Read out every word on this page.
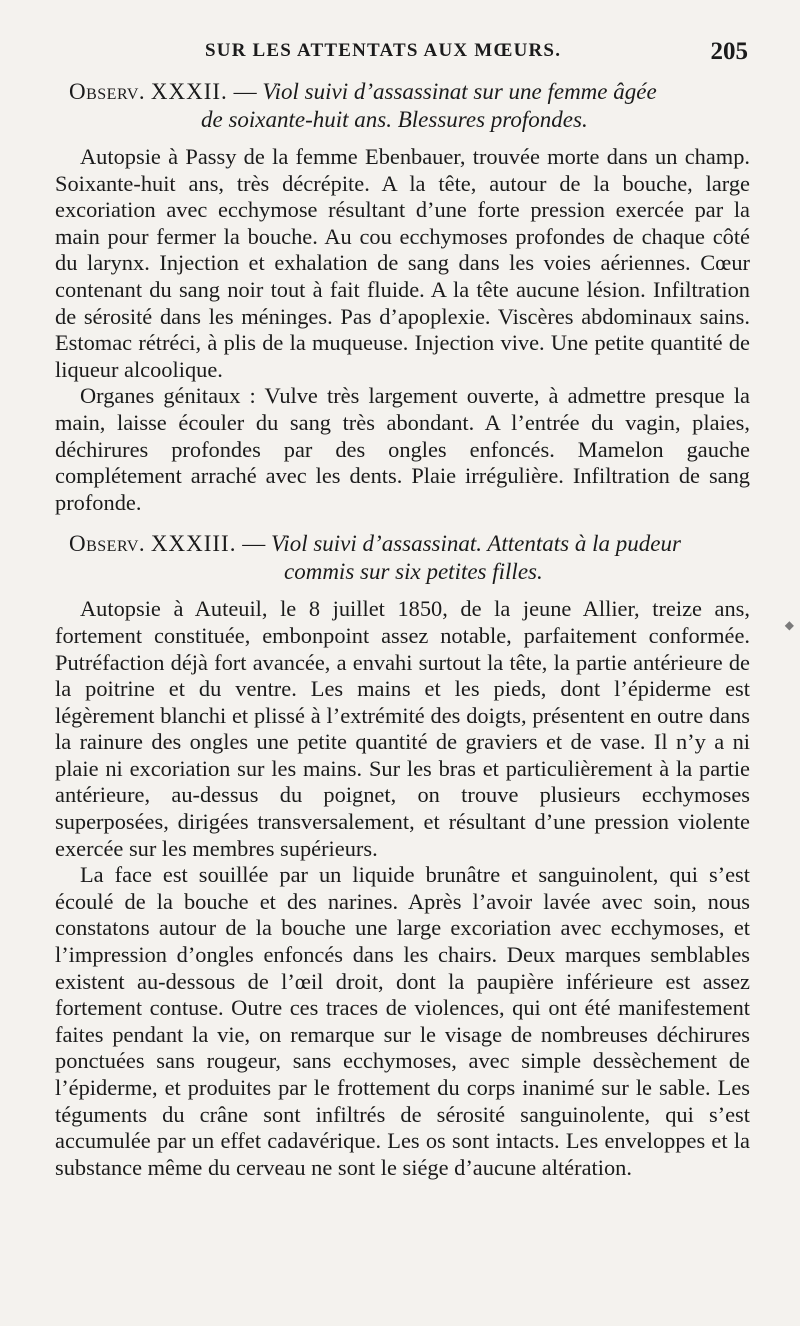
SUR LES ATTENTATS AUX MŒURS.	205

Observ. XXXII. — Viol suivi d’assassinat sur une femme âgée
de soixante-huit ans. Blessures profondes.

Autopsie à Passy de la femme Ebenbauer, trouvée morte dans un champ. Soixante-huit ans, très décrépite. A la tête, autour de la bouche, large excoriation avec ecchymose résultant d’une forte pression exercée par la main pour fermer la bouche. Au cou ecchymoses profondes de chaque côté du larynx. Injection et exhalation de sang dans les voies aériennes. Cœur contenant du sang noir tout à fait fluide. A la tête aucune lésion. Infiltration de sérosité dans les méninges. Pas d’apoplexie. Viscères abdominaux sains. Estomac rétréci, à plis de la muqueuse. Injection vive. Une petite quantité de liqueur alcoolique.

Organes génitaux : Vulve très largement ouverte, à admettre presque la main, laisse écouler du sang très abondant. A l’entrée du vagin, plaies, déchirures profondes par des ongles enfoncés. Mamelon gauche complétement arraché avec les dents. Plaie irrégulière. Infiltration de sang profonde.

Observ. XXXIII. — Viol suivi d’assassinat. Attentats à la pudeur
commis sur six petites filles.

Autopsie à Auteuil, le 8 juillet 1850, de la jeune Allier, treize ans, fortement constituée, embonpoint assez notable, parfaitement conformée. Putréfaction déjà fort avancée, a envahi surtout la tête, la partie antérieure de la poitrine et du ventre. Les mains et les pieds, dont l’épiderme est légèrement blanchi et plissé à l’extrémité des doigts, présentent en outre dans la rainure des ongles une petite quantité de graviers et de vase. Il n’y a ni plaie ni excoriation sur les mains. Sur les bras et particulièrement à la partie antérieure, au-dessus du poignet, on trouve plusieurs ecchymoses superposées, dirigées transversalement, et résultant d’une pression violente exercée sur les membres supérieurs.

La face est souillée par un liquide brunâtre et sanguinolent, qui s’est écoulé de la bouche et des narines. Après l’avoir lavée avec soin, nous constatons autour de la bouche une large excoriation avec ecchymoses, et l’impression d’ongles enfoncés dans les chairs. Deux marques semblables existent au-dessous de l’œil droit, dont la paupière inférieure est assez fortement contuse. Outre ces traces de violences, qui ont été manifestement faites pendant la vie, on remarque sur le visage de nombreuses déchirures ponctuées sans rougeur, sans ecchymoses, avec simple dessèchement de l’épiderme, et produites par le frottement du corps inanimé sur le sable. Les téguments du crâne sont infiltrés de sérosité sanguinolente, qui s’est accumulée par un effet cadavérique. Les os sont intacts. Les enveloppes et la substance même du cerveau ne sont le siége d’aucune altération.

◆
